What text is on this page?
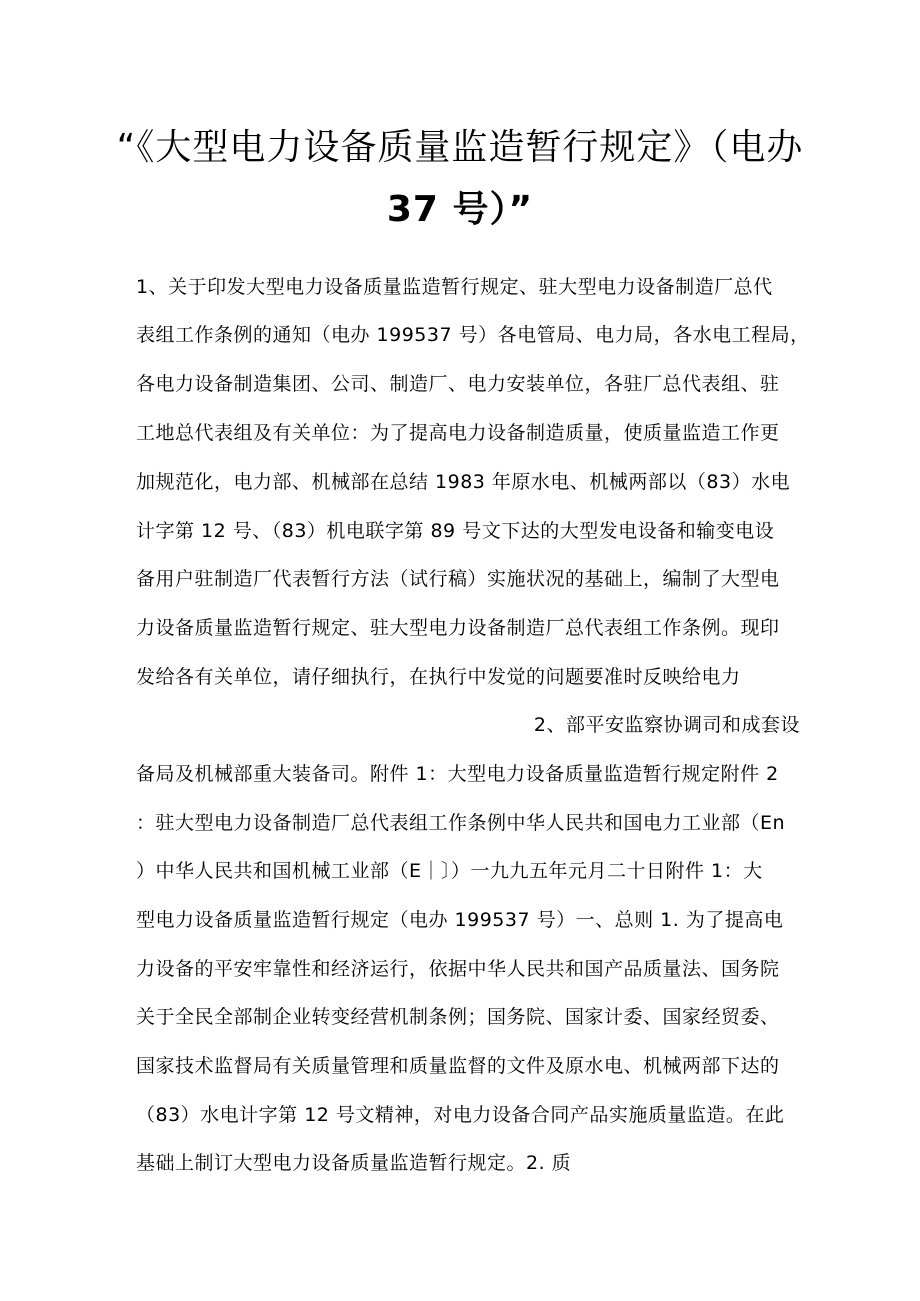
“《大型电力设备质量监造暂行规定》（电办
37 号）”
1、关于印发大型电力设备质量监造暂行规定、驻大型电力设备制造厂总代
表组工作条例的通知（电办 199537 号）各电管局、电力局，各水电工程局，
各电力设备制造集团、公司、制造厂、电力安装单位，各驻厂总代表组、驻
工地总代表组及有关单位：为了提高电力设备制造质量，使质量监造工作更
加规范化，电力部、机械部在总结 1983 年原水电、机械两部以（83）水电
计字第 12 号、（83）机电联字第 89 号文下达的大型发电设备和输变电设
备用户驻制造厂代表暂行方法（试行稿）实施状况的基础上，编制了大型电
力设备质量监造暂行规定、驻大型电力设备制造厂总代表组工作条例。现印
发给各有关单位，请仔细执行，在执行中发觉的问题要准时反映给电力
2、部平安监察协调司和成套设
备局及机械部重大装备司。附件 1：大型电力设备质量监造暂行规定附件 2
：驻大型电力设备制造厂总代表组工作条例中华人民共和国电力工业部（En
）中华人民共和国机械工业部（E｜〕）一九九五年元月二十日附件 1：大
型电力设备质量监造暂行规定（电办 199537 号）一、总则 1. 为了提高电
力设备的平安牢靠性和经济运行，依据中华人民共和国产品质量法、国务院
关于全民全部制企业转变经营机制条例；国务院、国家计委、国家经贸委、
国家技术监督局有关质量管理和质量监督的文件及原水电、机械两部下达的
（83）水电计字第 12 号文精神，对电力设备合同产品实施质量监造。在此
基础上制订大型电力设备质量监造暂行规定。2. 质
